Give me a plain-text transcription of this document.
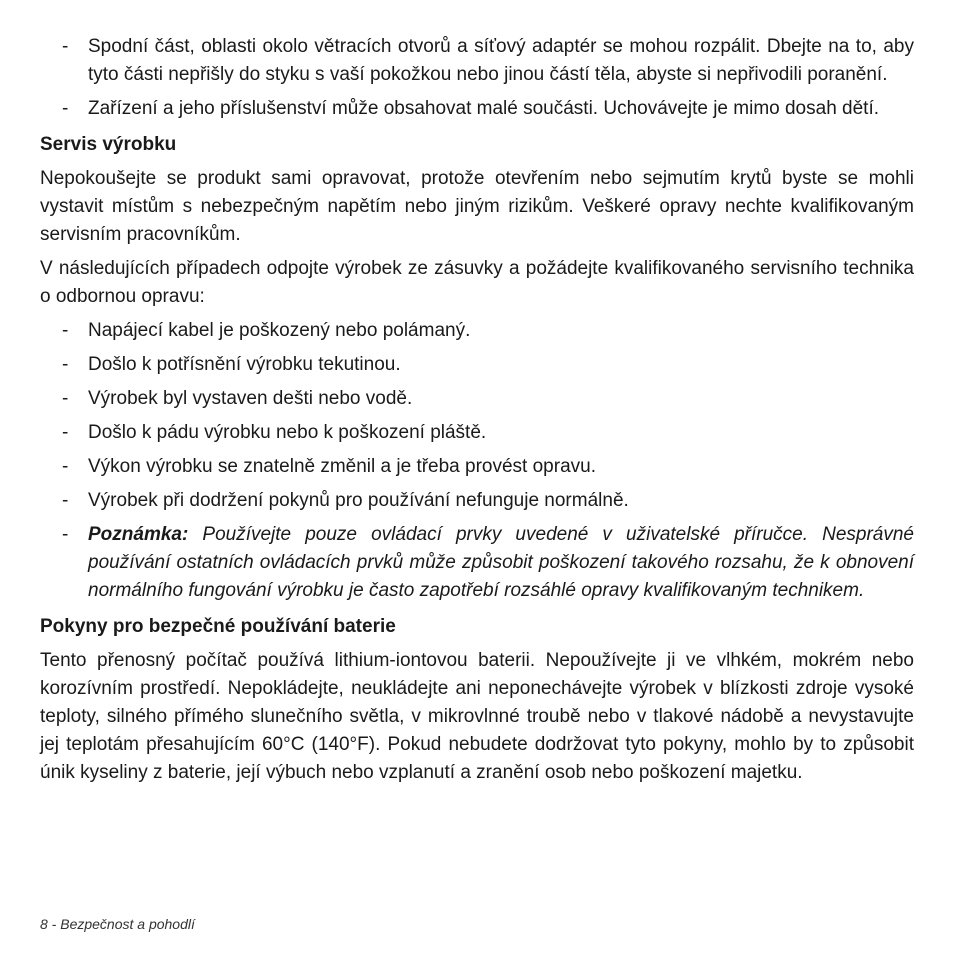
- Spodní část, oblasti okolo větracích otvorů a síťový adaptér se mohou rozpálit. Dbejte na to, aby tyto části nepřišly do styku s vaší pokožkou nebo jinou částí těla, abyste si nepřivodili poranění.
- Zařízení a jeho příslušenství může obsahovat malé součásti. Uchovávejte je mimo dosah dětí.
Servis výrobku

Nepokoušejte se produkt sami opravovat, protože otevřením nebo sejmutím krytů byste se mohli vystavit místům s nebezpečným napětím nebo jiným rizikům. Veškeré opravy nechte kvalifikovaným servisním pracovníkům.

V následujících případech odpojte výrobek ze zásuvky a požádejte kvalifikovaného servisního technika o odbornou opravu:

- Napájecí kabel je poškozený nebo polámaný.
- Došlo k potřísnění výrobku tekutinou.
- Výrobek byl vystaven dešti nebo vodě.
- Došlo k pádu výrobku nebo k poškození pláště.
- Výkon výrobku se znatelně změnil a je třeba provést opravu.
- Výrobek při dodržení pokynů pro používání nefunguje normálně.
- Poznámka: Používejte pouze ovládací prvky uvedené v uživatelské příručce. Nesprávné používání ostatních ovládacích prvků může způsobit poškození takového rozsahu, že k obnovení normálního fungování výrobku je často zapotřebí rozsáhlé opravy kvalifikovaným technikem.
Pokyny pro bezpečné používání baterie

Tento přenosný počítač používá lithium-iontovou baterii. Nepoužívejte ji ve vlhkém, mokrém nebo korozívním prostředí. Nepokládejte, neukládejte ani neponechávejte výrobek v blízkosti zdroje vysoké teploty, silného přímého slunečního světla, v mikrovlnné troubě nebo v tlakové nádobě a nevystavujte jej teplotám přesahujícím 60°C (140°F). Pokud nebudete dodržovat tyto pokyny, mohlo by to způsobit únik kyseliny z baterie, její výbuch nebo vzplanutí a zranění osob nebo poškození majetku.

8 - Bezpečnost a pohodlí
